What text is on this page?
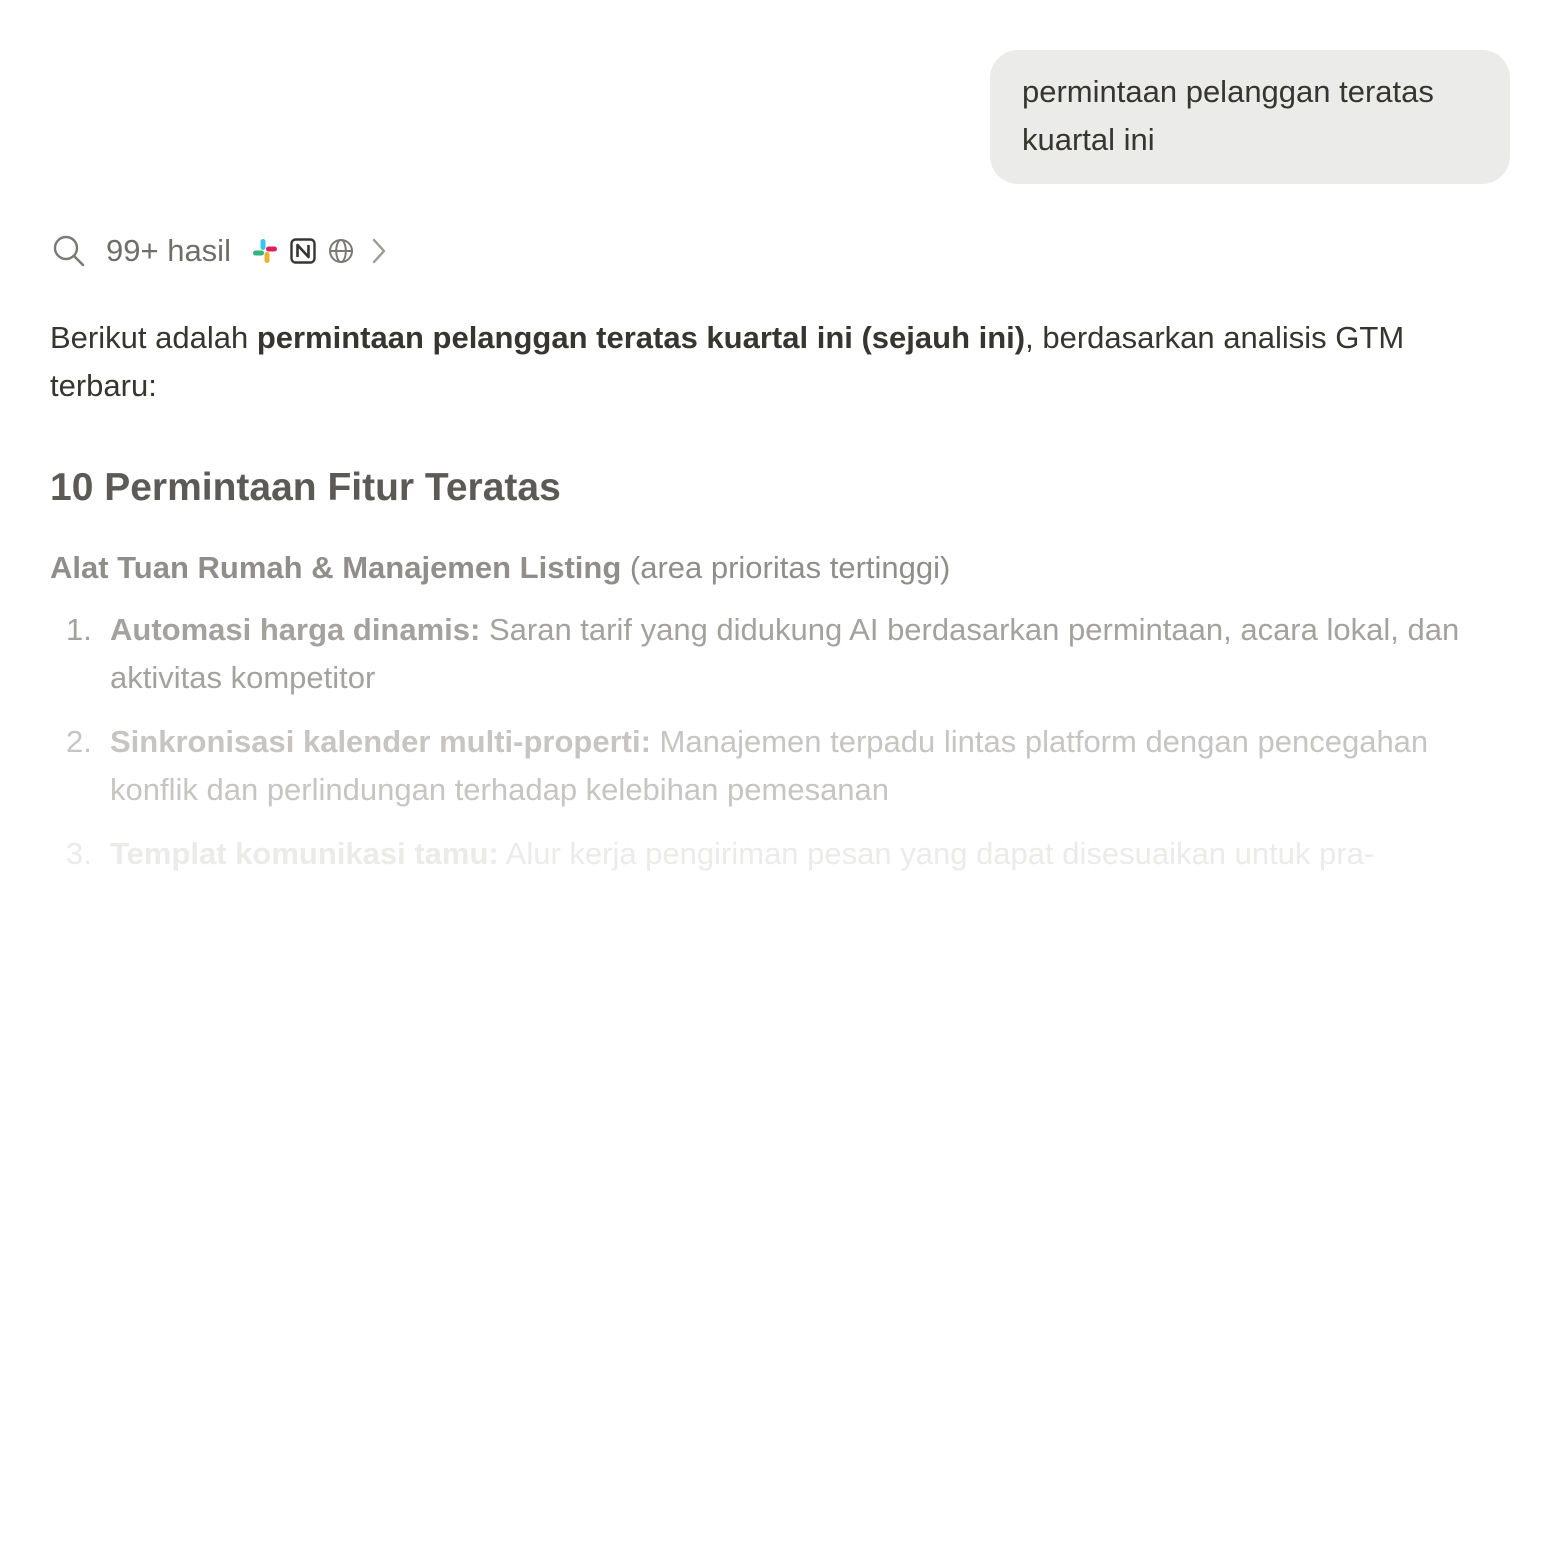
permintaan pelanggan teratas kuartal ini
99+ hasil

Berikut adalah permintaan pelanggan teratas kuartal ini (sejauh ini), berdasarkan analisis GTM terbaru:

10 Permintaan Fitur Teratas

Alat Tuan Rumah & Manajemen Listing (area prioritas tertinggi)

1. Automasi harga dinamis: Saran tarif yang didukung AI berdasarkan permintaan, acara lokal, dan aktivitas kompetitor
2. Sinkronisasi kalender multi-properti: Manajemen terpadu lintas platform dengan pencegahan konflik dan perlindungan terhadap kelebihan pemesanan
3. Templat komunikasi tamu: Alur kerja pengiriman pesan yang dapat disesuaikan untuk pra-
